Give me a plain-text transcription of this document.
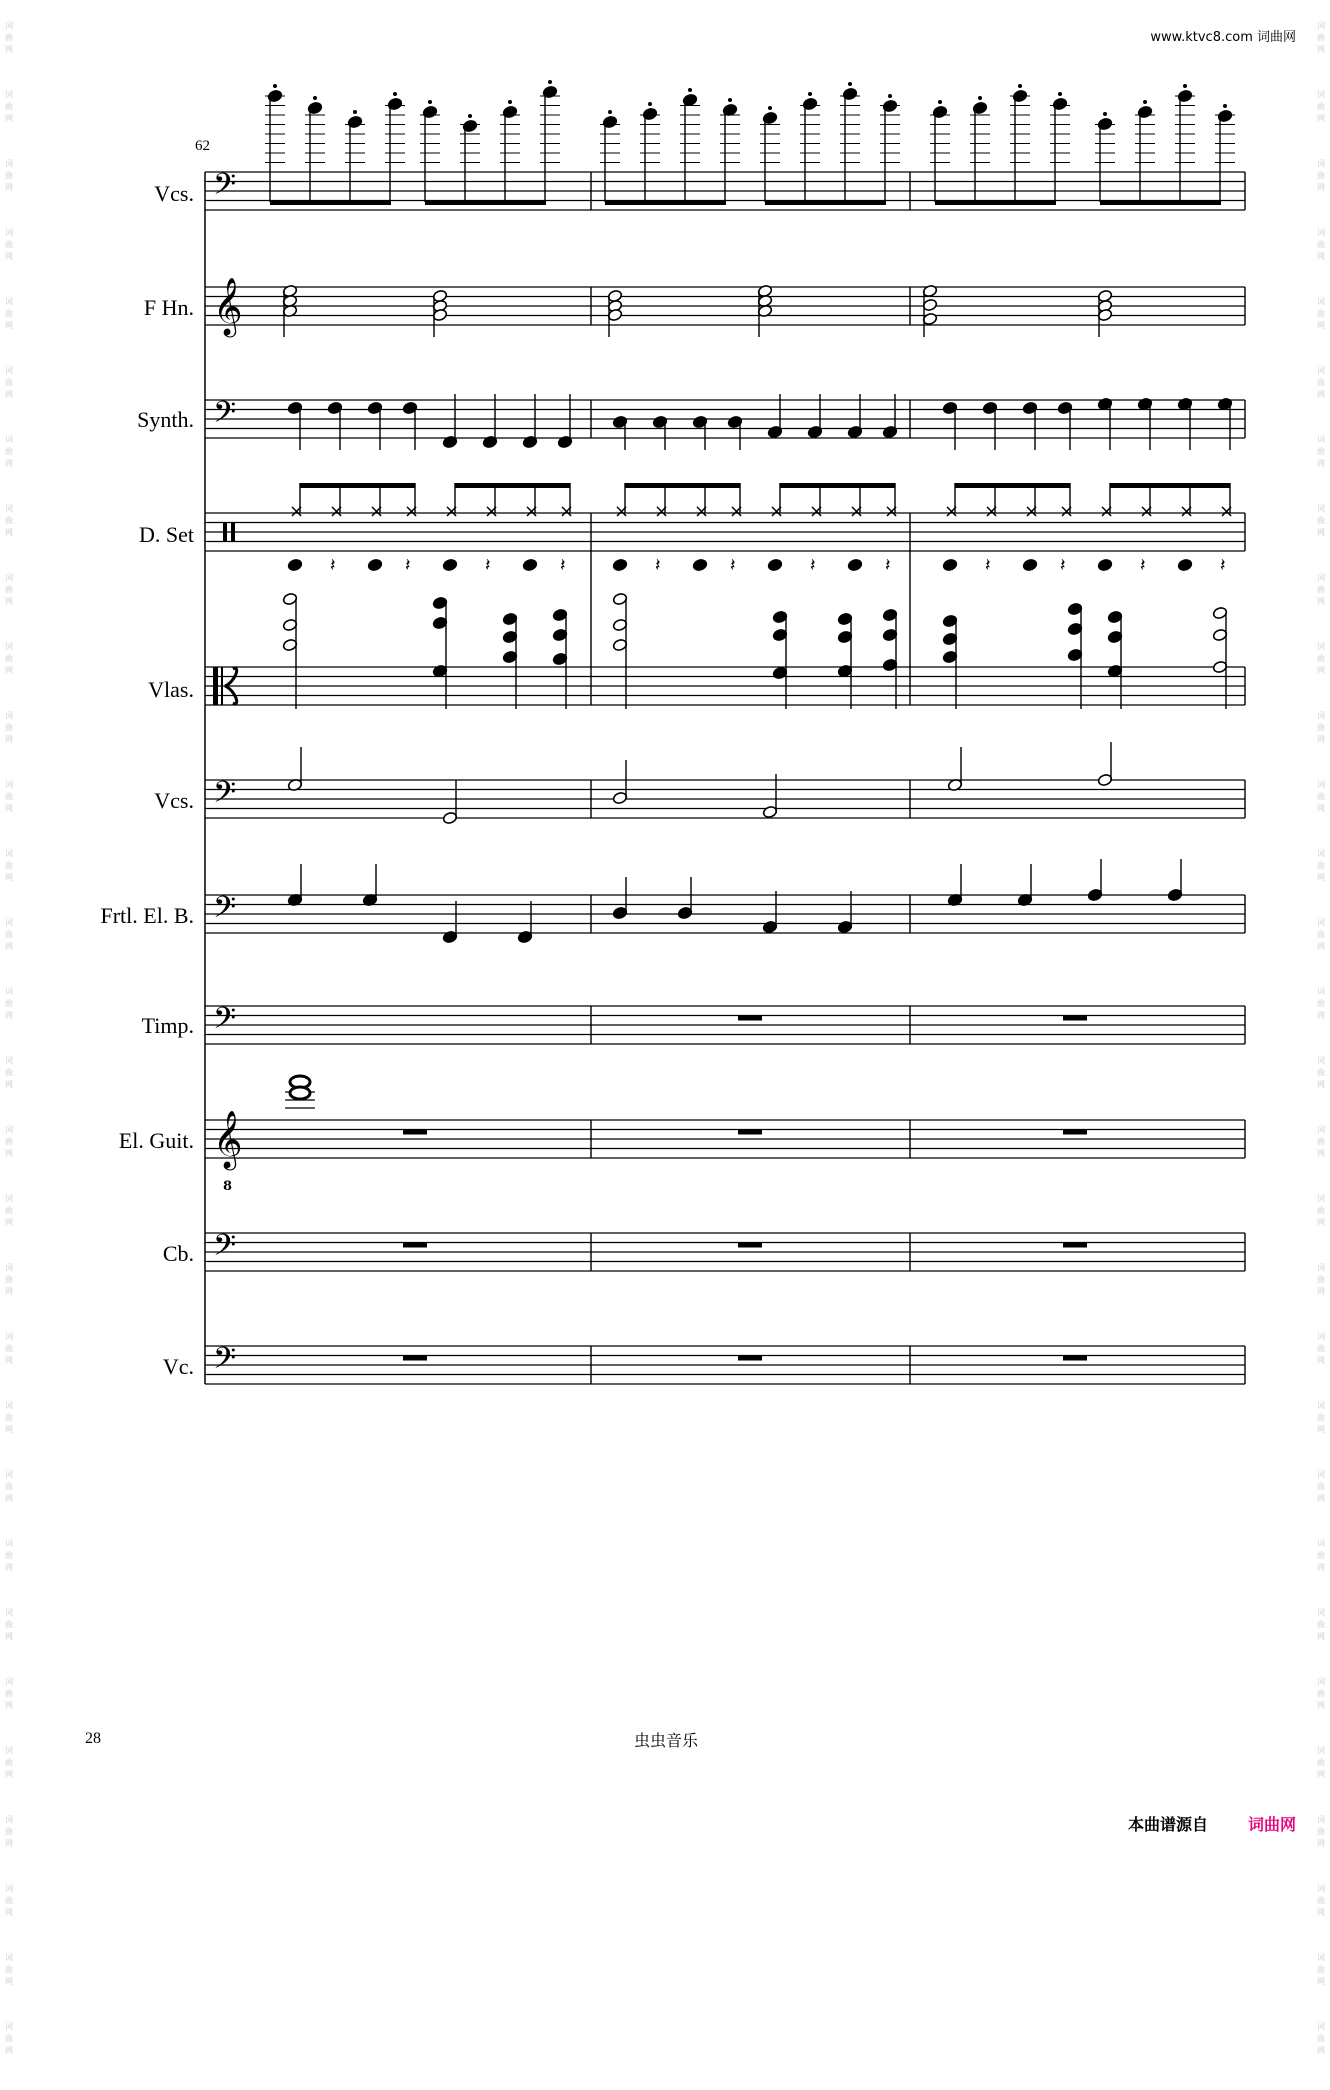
www.ktvc8.com 词曲网
词
曲
网
词
曲
网
词
曲
网
词
曲
网
词
曲
网
词
曲
网
词
曲
网
词
曲
网
词
曲
网
词
曲
网
词
曲
网
词
曲
网
词
曲
网
词
曲
网
词
曲
网
词
曲
网
词
曲
网
词
曲
网
词
曲
网
词
曲
网
词
曲
网
词
曲
网
词
曲
网
词
曲
网
词
曲
网
词
曲
网
词
曲
网
词
曲
网
词
曲
网
词
曲
网
词
曲
网
词
曲
网
词
曲
网
词
曲
网
词
曲
网
词
曲
网
词
曲
网
词
曲
网
词
曲
网
词
曲
网
词
曲
网
词
曲
网
词
曲
网
词
曲
网
词
曲
网
词
曲
网
词
曲
网
词
曲
网
词
曲
网
词
曲
网
词
曲
网
词
曲
网
词
曲
网
词
曲
网
词
曲
网
词
曲
网
词
曲
网
词
曲
网
词
曲
网
词
曲
网
62
Vcs.
F Hn.
Synth.
D. Set
Vlas.
Vcs.
Frtl. El. B.
Timp.
El. Guit.
Cb.
Vc.
𝄢
𝄞
𝄢
𝄢
𝄢
𝄢
𝄞
8
𝄢
𝄢
× ×
𝄽
× ×
𝄽
× ×
𝄽
× ×
𝄽
× ×
𝄽
× ×
𝄽
× ×
𝄽
× ×
𝄽
× ×
𝄽
× ×
𝄽
× ×
𝄽
× ×
𝄽
28	虫虫音乐
本曲谱源自	词曲网
